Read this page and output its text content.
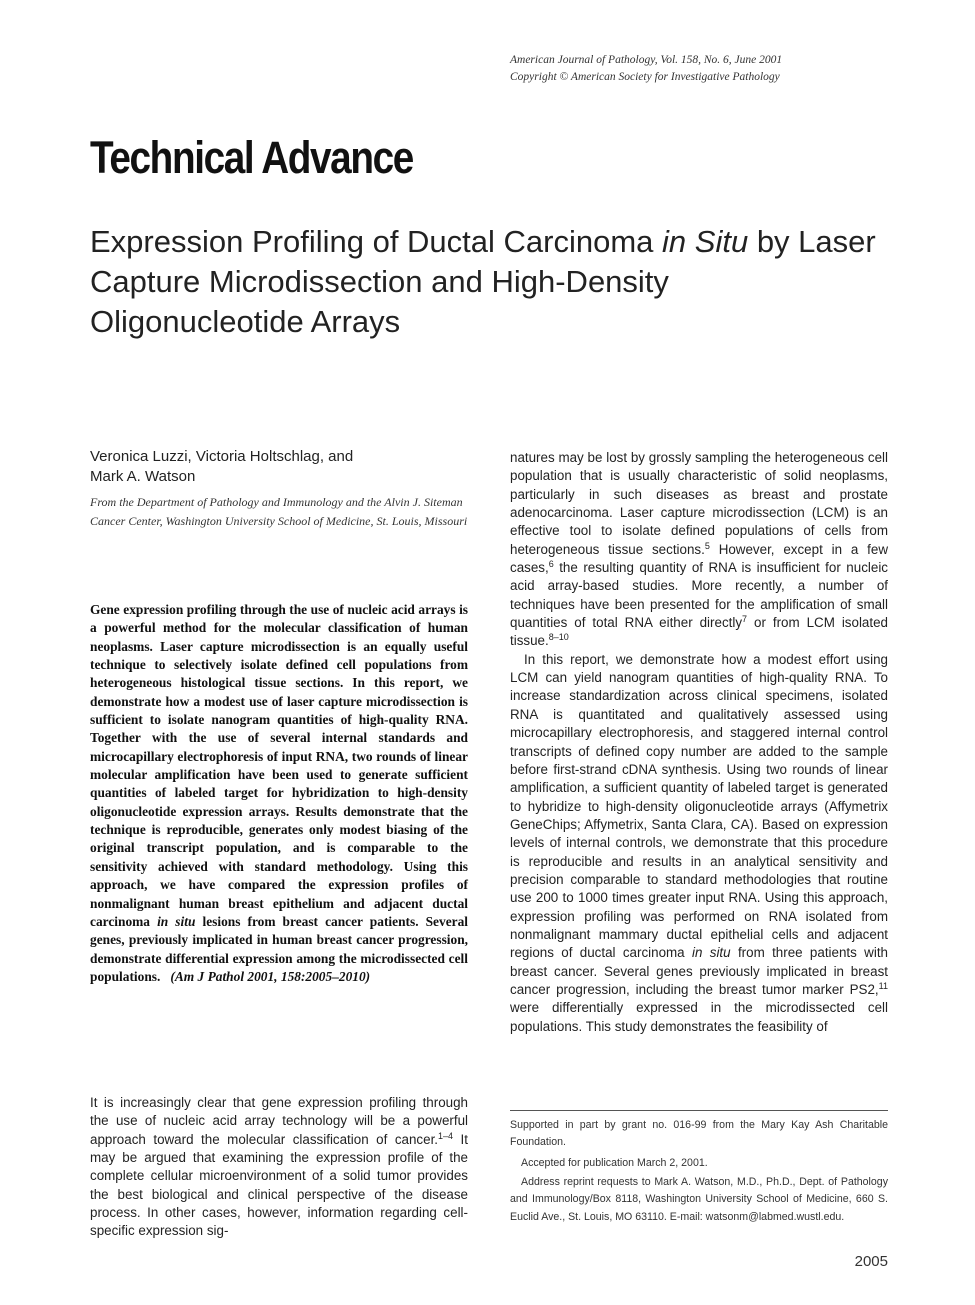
American Journal of Pathology, Vol. 158, No. 6, June 2001
Copyright © American Society for Investigative Pathology
Technical Advance
Expression Profiling of Ductal Carcinoma in Situ by Laser Capture Microdissection and High-Density Oligonucleotide Arrays
Veronica Luzzi, Victoria Holtschlag, and
Mark A. Watson
From the Department of Pathology and Immunology and the Alvin J. Siteman Cancer Center, Washington University School of Medicine, St. Louis, Missouri
Gene expression profiling through the use of nucleic acid arrays is a powerful method for the molecular classification of human neoplasms. Laser capture microdissection is an equally useful technique to selectively isolate defined cell populations from heterogeneous histological tissue sections. In this report, we demonstrate how a modest use of laser capture microdissection is sufficient to isolate nanogram quantities of high-quality RNA. Together with the use of several internal standards and microcapillary electrophoresis of input RNA, two rounds of linear molecular amplification have been used to generate sufficient quantities of labeled target for hybridization to high-density oligonucleotide expression arrays. Results demonstrate that the technique is reproducible, generates only modest biasing of the original transcript population, and is comparable to the sensitivity achieved with standard methodology. Using this approach, we have compared the expression profiles of nonmalignant human breast epithelium and adjacent ductal carcinoma in situ lesions from breast cancer patients. Several genes, previously implicated in human breast cancer progression, demonstrate differential expression among the microdissected cell populations. (Am J Pathol 2001, 158:2005–2010)

It is increasingly clear that gene expression profiling through the use of nucleic acid array technology will be a powerful approach toward the molecular classification of cancer.$^{1-4}$ It may be argued that examining the expression profile of the complete cellular microenvironment of a solid tumor provides the best biological and clinical perspective of the disease process. In other cases, however, information regarding cell-specific expression sig-

natures may be lost by grossly sampling the heterogeneous cell population that is usually characteristic of solid neoplasms, particularly in such diseases as breast and prostate adenocarcinoma. Laser capture microdissection (LCM) is an effective tool to isolate defined populations of cells from heterogeneous tissue sections.$^5$ However, except in a few cases,$^6$ the resulting quantity of RNA is insufficient for nucleic acid array-based studies. More recently, a number of techniques have been presented for the amplification of small quantities of total RNA either directly$^7$ or from LCM isolated tissue.$^{8-10}$

In this report, we demonstrate how a modest effort using LCM can yield nanogram quantities of high-quality RNA. To increase standardization across clinical specimens, isolated RNA is quantitated and qualitatively assessed using microcapillary electrophoresis, and staggered internal control transcripts of defined copy number are added to the sample before first-strand cDNA synthesis. Using two rounds of linear amplification, a sufficient quantity of labeled target is generated to hybridize to high-density oligonucleotide arrays (Affymetrix GeneChips; Affymetrix, Santa Clara, CA). Based on expression levels of internal controls, we demonstrate that this procedure is reproducible and results in an analytical sensitivity and precision comparable to standard methodologies that routine use 200 to 1000 times greater input RNA. Using this approach, expression profiling was performed on RNA isolated from nonmalignant mammary ductal epithelial cells and adjacent regions of ductal carcinoma in situ from three patients with breast cancer. Several genes previously implicated in breast cancer progression, including the breast tumor marker PS2,11 were differentially expressed in the microdissected cell populations. This study demonstrates the feasibility of

Supported in part by grant no. 016-99 from the Mary Kay Ash Charitable Foundation.
Accepted for publication March 2, 2001.
Address reprint requests to Mark A. Watson, M.D., Ph.D., Dept. of Pathology and Immunology/Box 8118, Washington University School of Medicine, 660 S. Euclid Ave., St. Louis, MO 63110. E-mail: watsonm@labmed.wustl.edu.
2005
